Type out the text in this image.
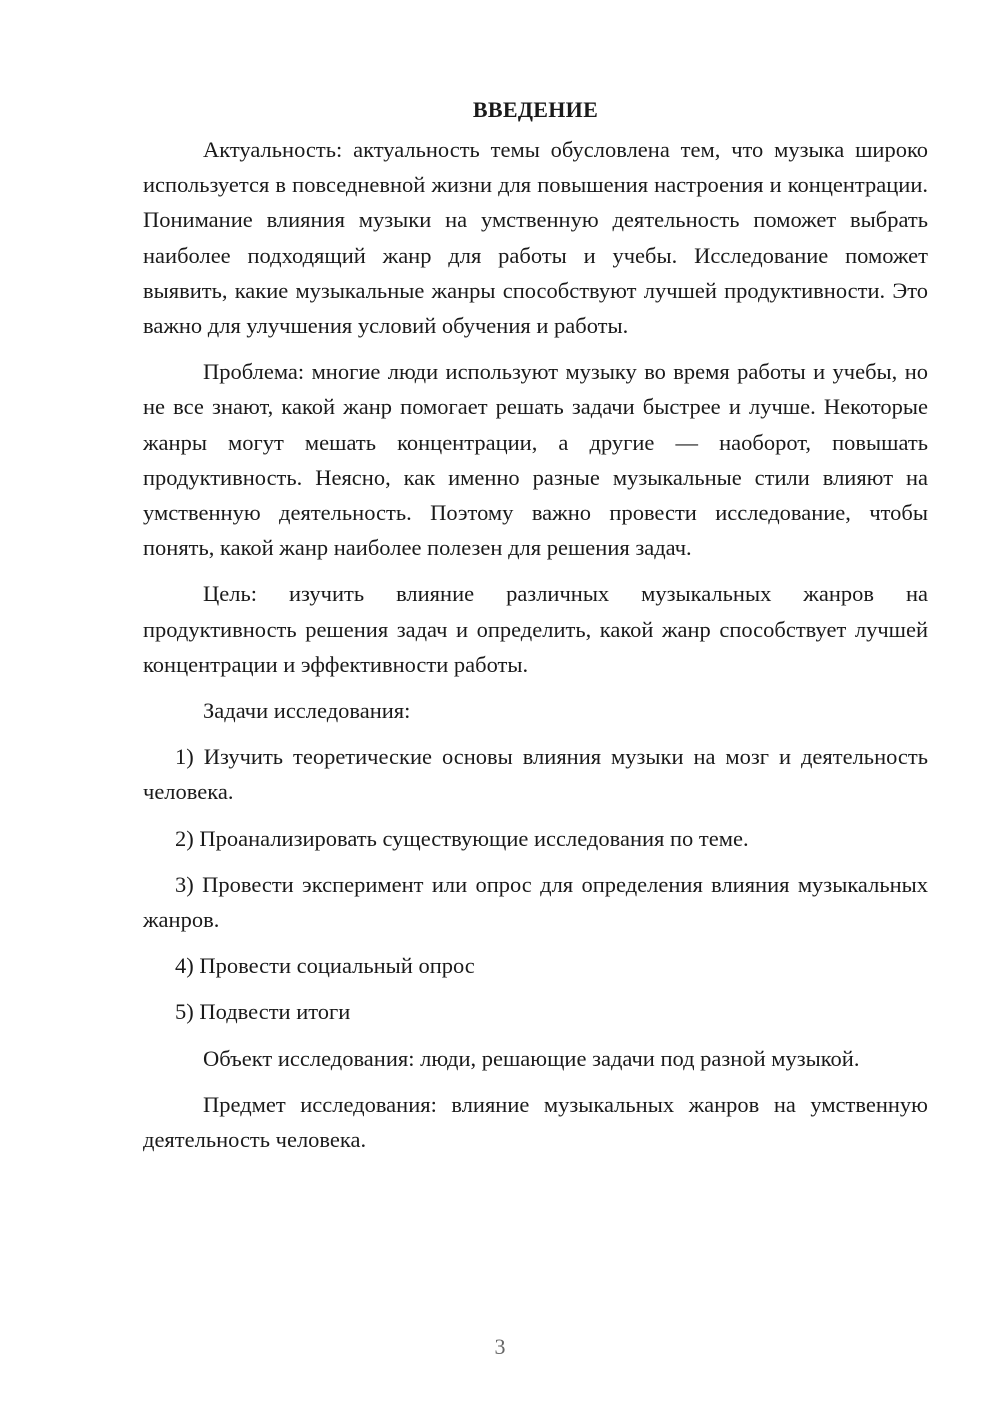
ВВЕДЕНИЕ

Актуальность: актуальность темы обусловлена тем, что музыка широко используется в повседневной жизни для повышения настроения и концентрации. Понимание влияния музыки на умственную деятельность поможет выбрать наиболее подходящий жанр для работы и учебы. Исследование поможет выявить, какие музыкальные жанры способствуют лучшей продуктивности. Это важно для улучшения условий обучения и работы.

Проблема: многие люди используют музыку во время работы и учебы, но не все знают, какой жанр помогает решать задачи быстрее и лучше. Некоторые жанры могут мешать концентрации, а другие — наоборот, повышать продуктивность. Неясно, как именно разные музыкальные стили влияют на умственную деятельность. Поэтому важно провести исследование, чтобы понять, какой жанр наиболее полезен для решения задач.

Цель: изучить влияние различных музыкальных жанров на продуктивность решения задач и определить, какой жанр способствует лучшей концентрации и эффективности работы.

Задачи исследования:

1) Изучить теоретические основы влияния музыки на мозг и деятельность человека.

2) Проанализировать существующие исследования по теме.

3) Провести эксперимент или опрос для определения влияния музыкальных жанров.

4) Провести социальный опрос

5) Подвести итоги

Объект исследования: люди, решающие задачи под разной музыкой.

Предмет исследования: влияние музыкальных жанров на умственную деятельность человека.

3
